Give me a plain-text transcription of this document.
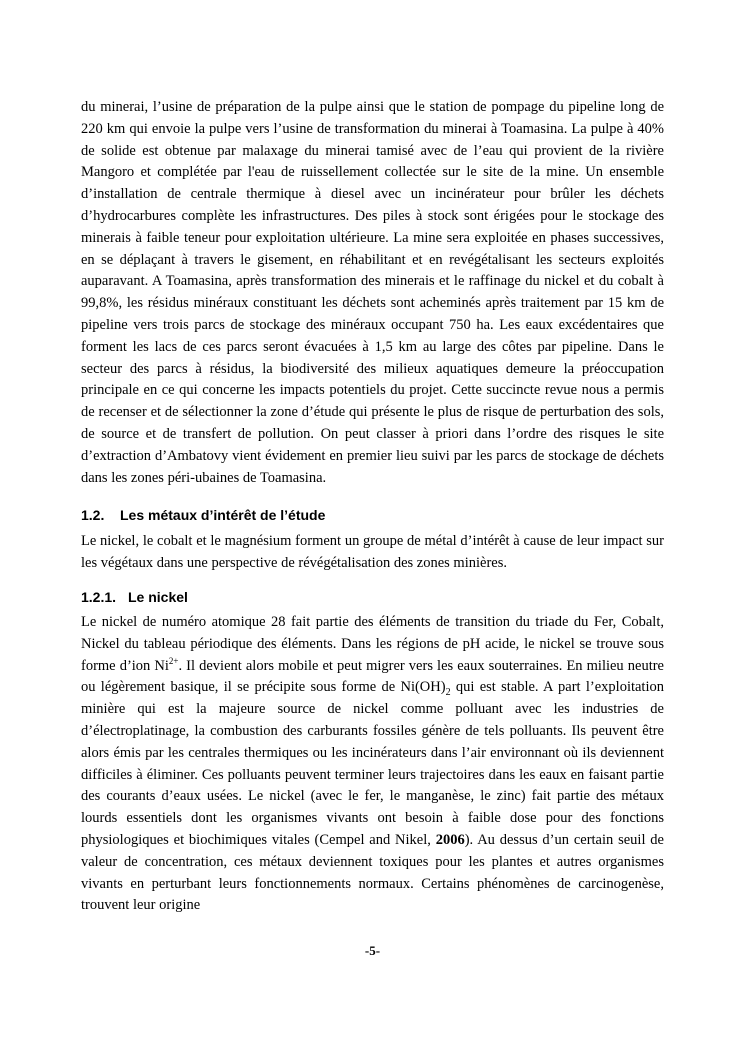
du minerai, l’usine de préparation de la pulpe ainsi que le station de pompage du pipeline long de 220 km qui envoie la pulpe vers l’usine de transformation du minerai à Toamasina. La pulpe à 40% de solide est obtenue par malaxage du minerai tamisé avec de l’eau qui provient de la rivière Mangoro et complétée par l'eau de ruissellement collectée sur le site de la mine. Un ensemble d’installation de centrale thermique à diesel avec un incinérateur pour brûler les déchets d’hydrocarbures complète les infrastructures. Des piles à stock sont érigées pour le stockage des minerais à faible teneur pour exploitation ultérieure. La mine sera exploitée en phases successives, en se déplaçant à travers le gisement, en réhabilitant et en revégétalisant les secteurs exploités auparavant. A Toamasina, après transformation des minerais et le raffinage du nickel et du cobalt à 99,8%, les résidus minéraux constituant les déchets sont acheminés après traitement par 15 km de pipeline vers trois parcs de stockage des minéraux occupant 750 ha. Les eaux excédentaires que forment les lacs de ces parcs seront évacuées à 1,5 km au large des côtes par pipeline. Dans le secteur des parcs à résidus, la biodiversité des milieux aquatiques demeure la préoccupation principale en ce qui concerne les impacts potentiels du projet. Cette succincte revue nous a permis de recenser et de sélectionner la zone d’étude qui présente le plus de risque de perturbation des sols, de source et de transfert de pollution. On peut classer à priori dans l’ordre des risques le site d’extraction d’Ambatovy vient évidement en premier lieu suivi par les parcs de stockage de déchets dans les zones péri-ubaines de Toamasina.

1.2. Les métaux d’intérêt de l’étude

Le nickel, le cobalt et le magnésium forment un groupe de métal d’intérêt à cause de leur impact sur les végétaux dans une perspective de révégétalisation des zones minières.

1.2.1. Le nickel

Le nickel de numéro atomique 28 fait partie des éléments de transition du triade du Fer, Cobalt, Nickel du tableau périodique des éléments. Dans les régions de pH acide, le nickel se trouve sous forme d’ion $Ni^{2+}$. Il devient alors mobile et peut migrer vers les eaux souterraines. En milieu neutre ou légèrement basique, il se précipite sous forme de $Ni(OH)_2$ qui est stable. A part l’exploitation minière qui est la majeure source de nickel comme polluant avec les industries de d’électroplatinage, la combustion des carburants fossiles génère de tels polluants. Ils peuvent être alors émis par les centrales thermiques ou les incinérateurs dans l’air environnant où ils deviennent difficiles à éliminer. Ces polluants peuvent terminer leurs trajectoires dans les eaux en faisant partie des courants d’eaux usées. Le nickel (avec le fer, le manganèse, le zinc) fait partie des métaux lourds essentiels dont les organismes vivants ont besoin à faible dose pour des fonctions physiologiques et biochimiques vitales (Cempel and Nikel, 2006). Au dessus d’un certain seuil de valeur de concentration, ces métaux deviennent toxiques pour les plantes et autres organismes vivants en perturbant leurs fonctionnements normaux. Certains phénomènes de carcinogenèse, trouvent leur origine

-5-
